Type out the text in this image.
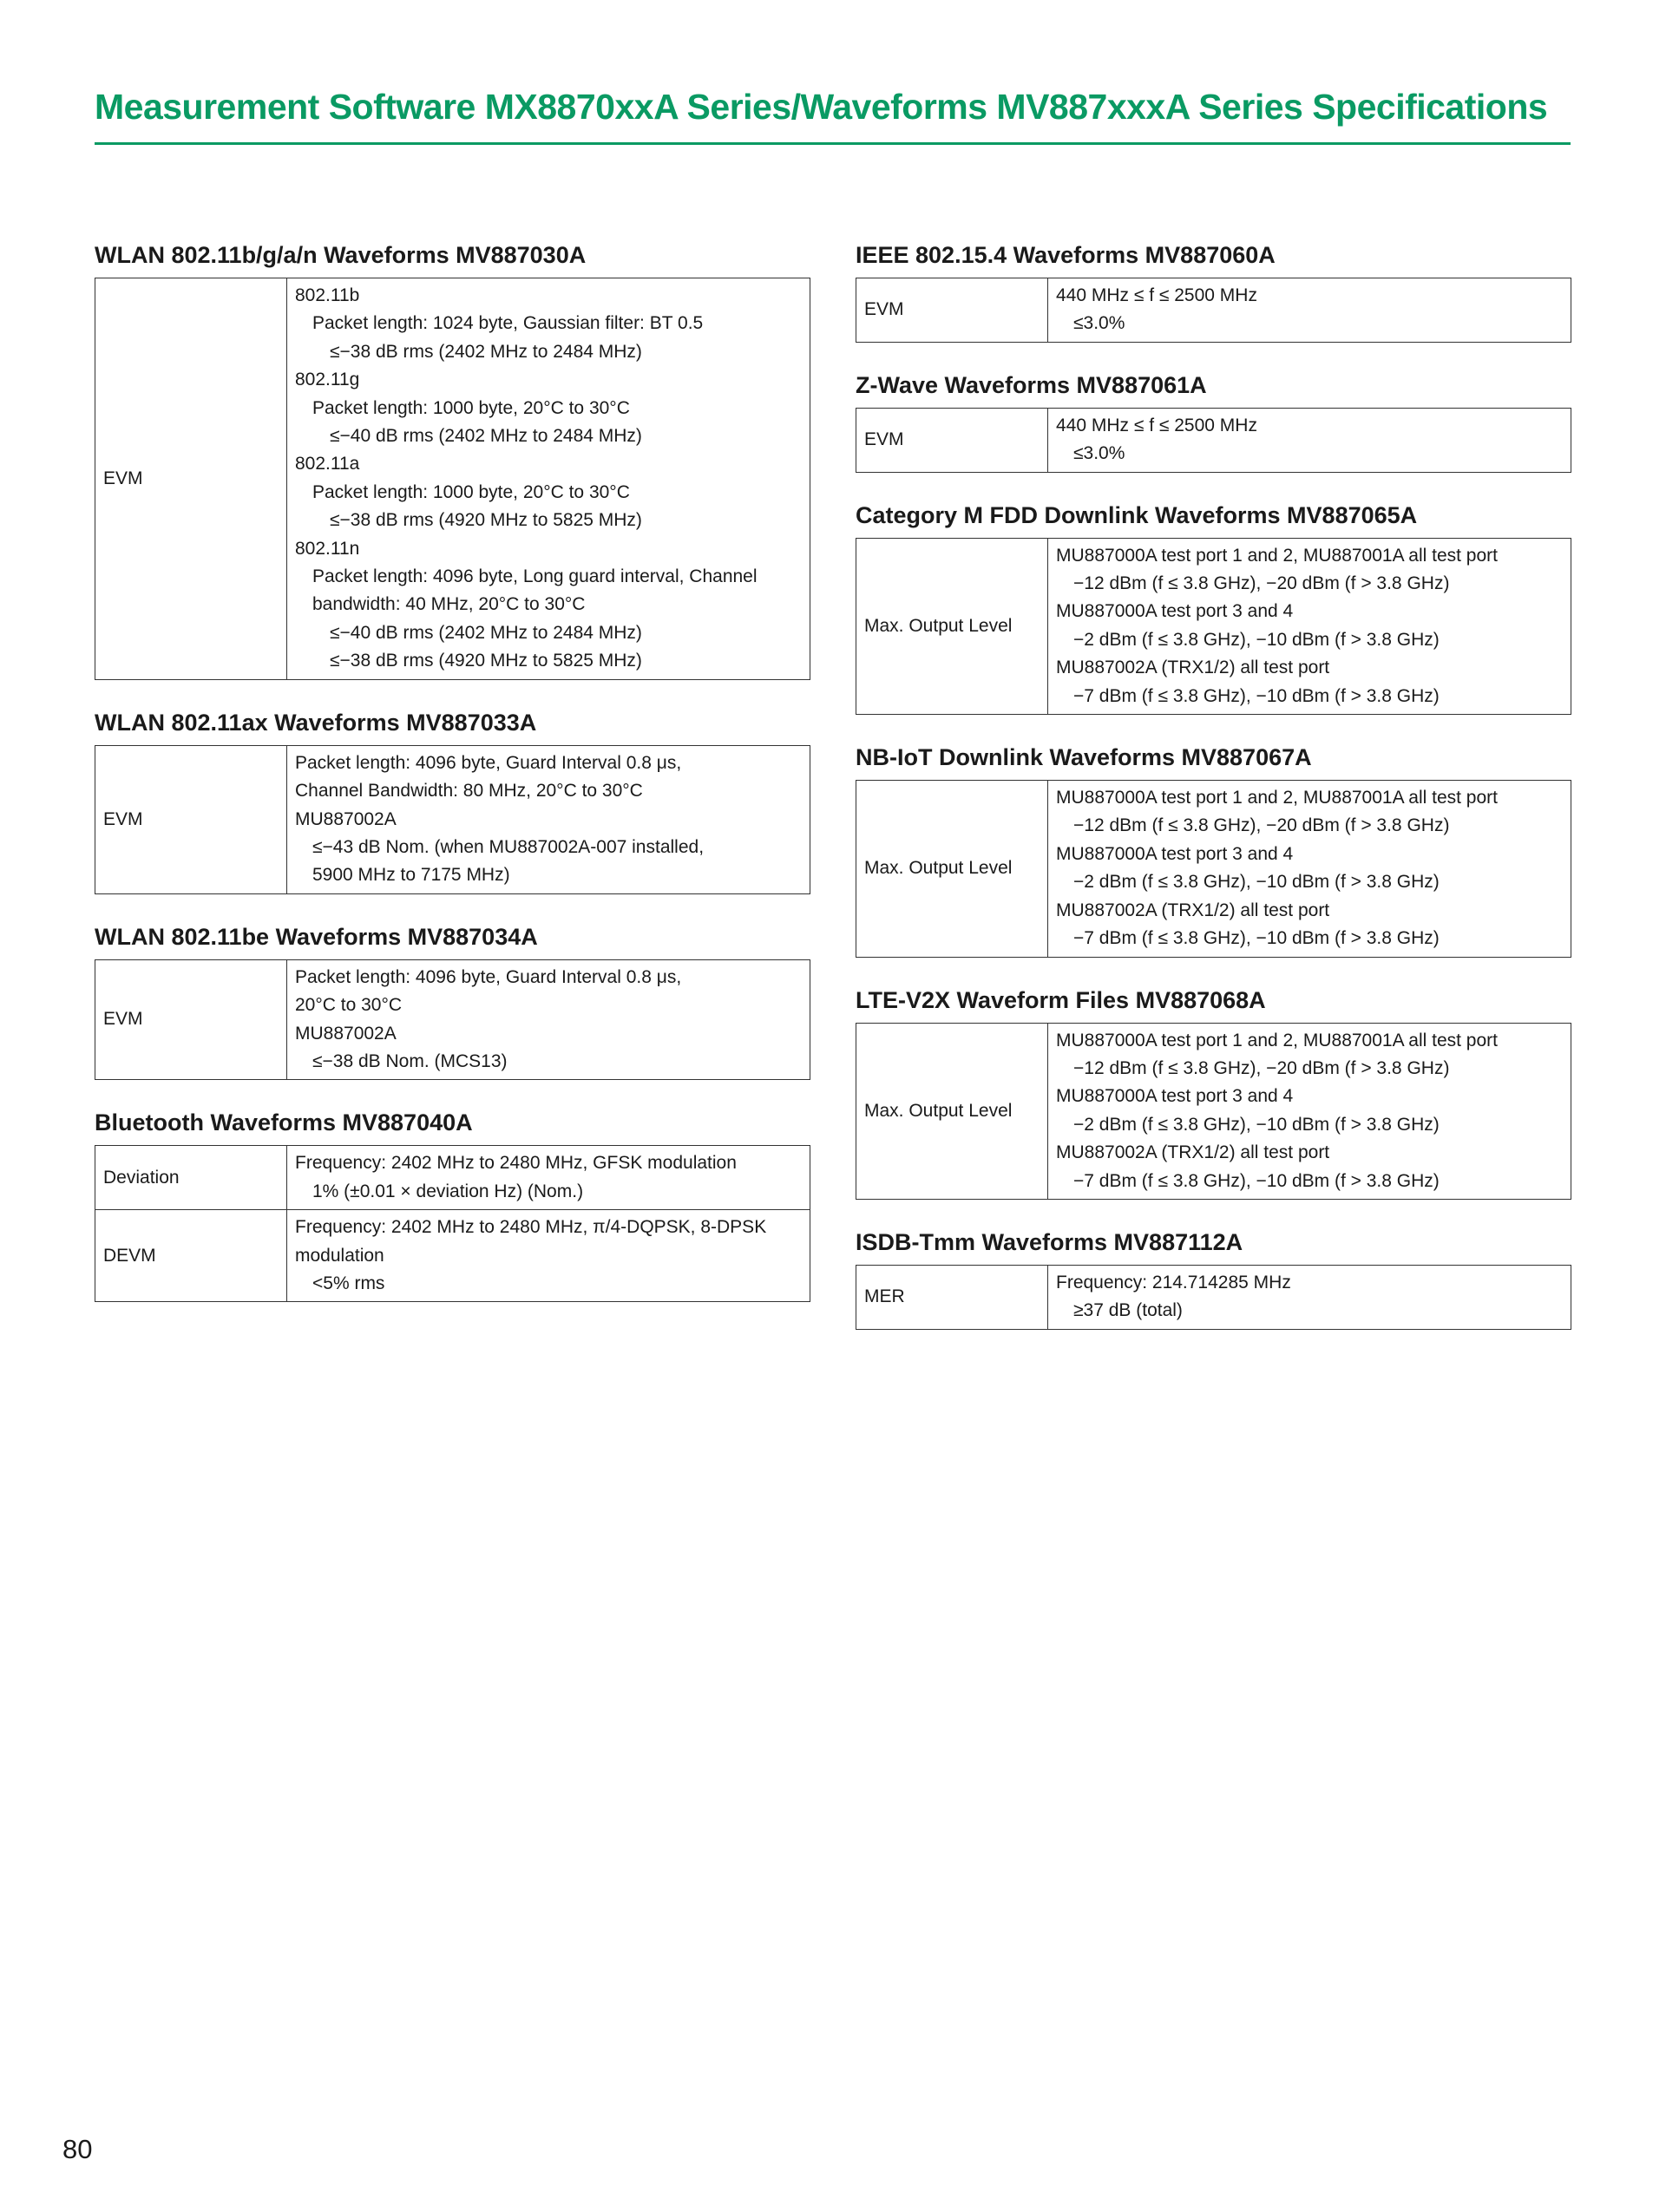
Measurement Software MX8870xxA Series/Waveforms MV887xxxA Series Specifications
WLAN 802.11b/g/a/n Waveforms MV887030A
EVM	
802.11b
Packet length: 1024 byte, Gaussian filter: BT 0.5
≤−38 dB rms (2402 MHz to 2484 MHz)
802.11g
Packet length: 1000 byte, 20°C to 30°C
≤−40 dB rms (2402 MHz to 2484 MHz)
802.11a
Packet length: 1000 byte, 20°C to 30°C
≤−38 dB rms (4920 MHz to 5825 MHz)
802.11n
Packet length: 4096 byte, Long guard interval, Channel
bandwidth: 40 MHz, 20°C to 30°C
≤−40 dB rms (2402 MHz to 2484 MHz)
≤−38 dB rms (4920 MHz to 5825 MHz)
WLAN 802.11ax Waveforms MV887033A
EVM	
Packet length: 4096 byte, Guard Interval 0.8 μs,
Channel Bandwidth: 80 MHz, 20°C to 30°C
MU887002A
≤−43 dB Nom. (when MU887002A-007 installed,
5900 MHz to 7175 MHz)
WLAN 802.11be Waveforms MV887034A
EVM	
Packet length: 4096 byte, Guard Interval 0.8 μs,
20°C to 30°C
MU887002A
≤−38 dB Nom. (MCS13)
Bluetooth Waveforms MV887040A
Deviation	Frequency: 2402 MHz to 2480 MHz, GFSK modulation
1% (±0.01 × deviation Hz) (Nom.)

DEVM	Frequency: 2402 MHz to 2480 MHz, π/4-DQPSK, 8-DPSK
modulation
<5% rms
IEEE 802.15.4 Waveforms MV887060A
EVM	
440 MHz ≤ f ≤ 2500 MHz
≤3.0%
Z-Wave Waveforms MV887061A
EVM	
440 MHz ≤ f ≤ 2500 MHz
≤3.0%
Category M FDD Downlink Waveforms MV887065A
Max. Output Level	
MU887000A test port 1 and 2, MU887001A all test port
−12 dBm (f ≤ 3.8 GHz), −20 dBm (f > 3.8 GHz)
MU887000A test port 3 and 4
−2 dBm (f ≤ 3.8 GHz), −10 dBm (f > 3.8 GHz)
MU887002A (TRX1/2) all test port
−7 dBm (f ≤ 3.8 GHz), −10 dBm (f > 3.8 GHz)
NB-IoT Downlink Waveforms MV887067A
Max. Output Level	
MU887000A test port 1 and 2, MU887001A all test port
−12 dBm (f ≤ 3.8 GHz), −20 dBm (f > 3.8 GHz)
MU887000A test port 3 and 4
−2 dBm (f ≤ 3.8 GHz), −10 dBm (f > 3.8 GHz)
MU887002A (TRX1/2) all test port
−7 dBm (f ≤ 3.8 GHz), −10 dBm (f > 3.8 GHz)
LTE-V2X Waveform Files MV887068A
Max. Output Level	
MU887000A test port 1 and 2, MU887001A all test port
−12 dBm (f ≤ 3.8 GHz), −20 dBm (f > 3.8 GHz)
MU887000A test port 3 and 4
−2 dBm (f ≤ 3.8 GHz), −10 dBm (f > 3.8 GHz)
MU887002A (TRX1/2) all test port
−7 dBm (f ≤ 3.8 GHz), −10 dBm (f > 3.8 GHz)
ISDB-Tmm Waveforms MV887112A
MER	
Frequency: 214.714285 MHz
≥37 dB (total)
80
